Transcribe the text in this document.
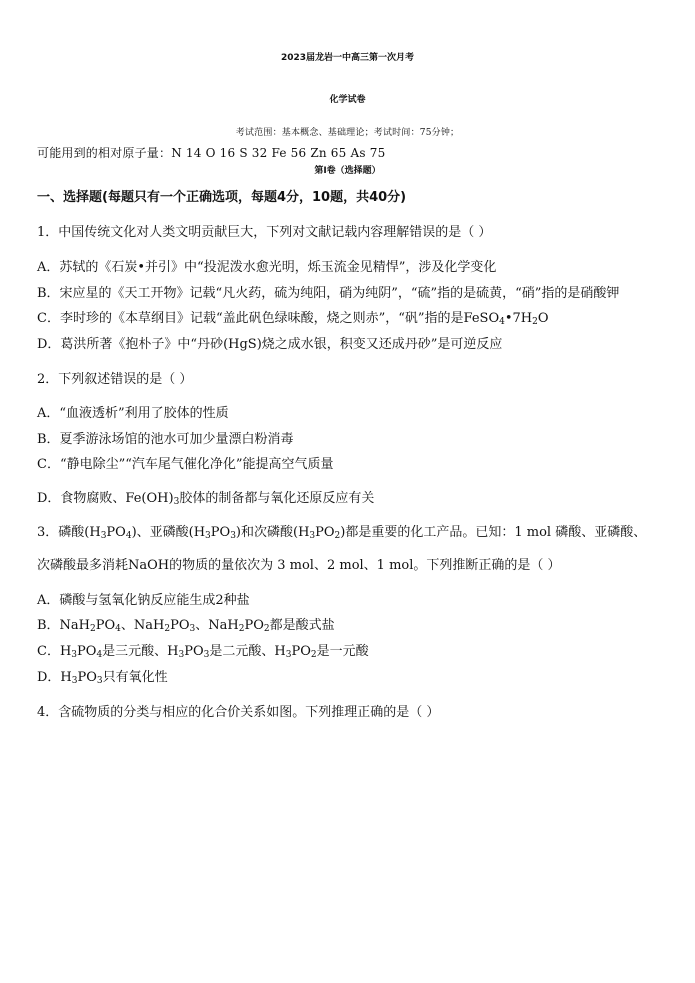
2023届龙岩一中高三第一次月考
化学试卷
考试范围：基本概念、基础理论；考试时间：75分钟；
可能用到的相对原子量：N 14 O 16 S 32 Fe 56 Zn 65 As 75
第Ⅰ卷（选择题）
一、选择题(每题只有一个正确选项，每题4分，10题，共40分)
1．中国传统文化对人类文明贡献巨大，下列对文献记载内容理解错误的是（ ）
A．苏轼的《石炭•并引》中“投泥泼水愈光明，烁玉流金见精悍”，涉及化学变化
B．宋应星的《天工开物》记载“凡火药，硫为纯阳，硝为纯阴”，“硫”指的是硫黄，“硝”指的是硝酸钾
C．李时珍的《本草纲目》记载“盖此矾色绿味酸，烧之则赤”，“矾”指的是$FeSO_4•7H_2O$
D．葛洪所著《抱朴子》中“丹砂(HgS)烧之成水银，积变又还成丹砂”是可逆反应
2．下列叙述错误的是（ ）
A．“血液透析”利用了胶体的性质
B．夏季游泳场馆的池水可加少量漂白粉消毒
C．“静电除尘”“汽车尾气催化净化”能提高空气质量
D．食物腐败、$Fe(OH)_3$胶体的制备都与氧化还原反应有关
3．磷酸$(H_3PO_4)$、亚磷酸$(H_3PO_3)$和次磷酸$(H_3PO_2)$都是重要的化工产品。已知：1 mol 磷酸、亚磷酸、
次磷酸最多消耗NaOH的物质的量依次为 3 mol、2 mol、1 mol。下列推断正确的是（ ）
A．磷酸与氢氧化钠反应能生成2种盐
B．$NaH_2PO_4$、$NaH_2PO_3$、$NaH_2PO_2$都是酸式盐
C．$H_3PO_4$是三元酸、$H_3PO_3$是二元酸、$H_3PO_2$是一元酸
D．$H_3PO_3$只有氧化性
4．含硫物质的分类与相应的化合价关系如图。下列推理正确的是（ ）
